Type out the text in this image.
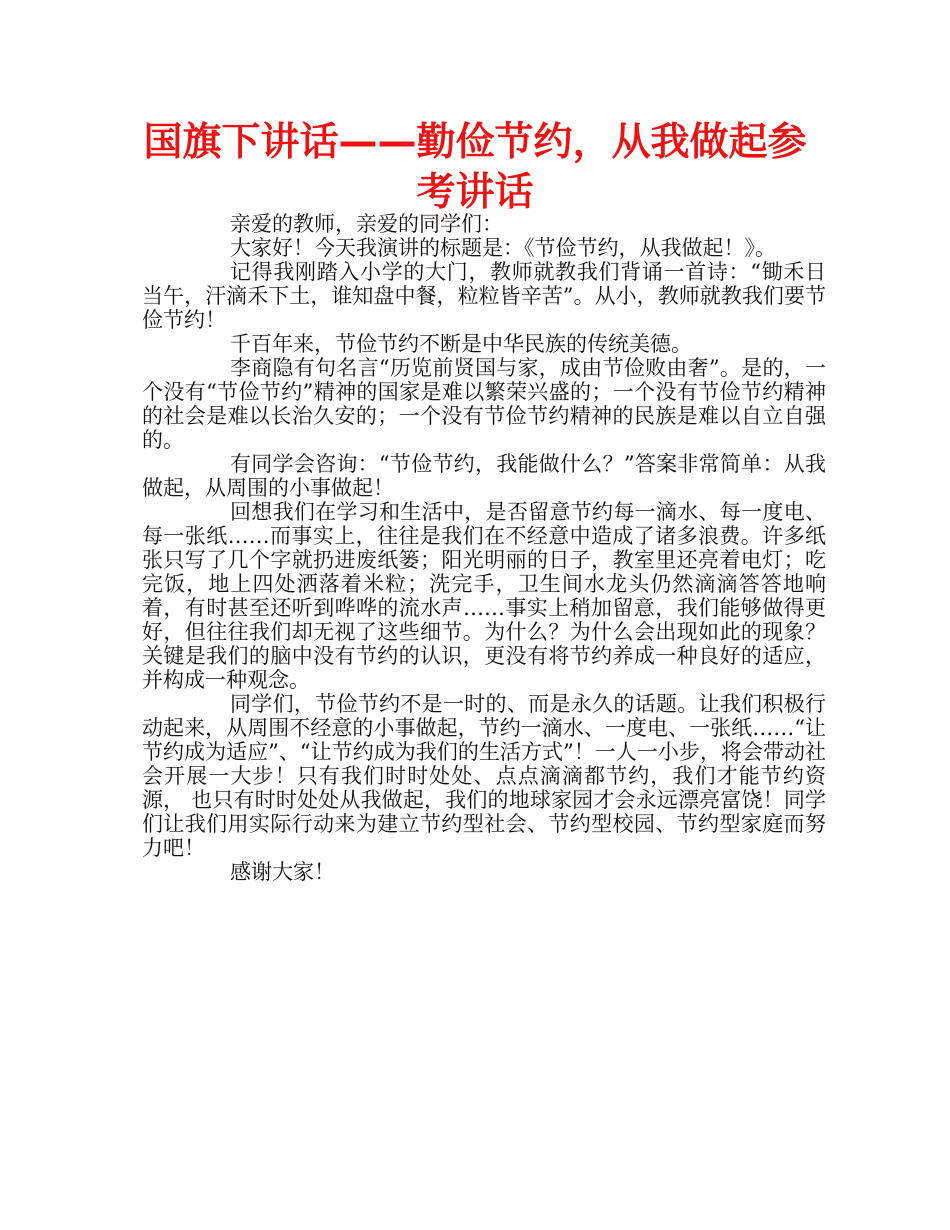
国旗下讲话——勤俭节约，从我做起参考讲话

亲爱的教师，亲爱的同学们：

大家好！今天我演讲的标题是：《节俭节约，从我做起！》。

记得我刚踏入小学的大门，教师就教我们背诵一首诗：“锄禾日当午，汗滴禾下土，谁知盘中餐，粒粒皆辛苦”。从小，教师就教我们要节俭节约！

千百年来，节俭节约不断是中华民族的传统美德。

李商隐有句名言“历览前贤国与家，成由节俭败由奢”。是的，一个没有“节俭节约”精神的国家是难以繁荣兴盛的；一个没有节俭节约精神的社会是难以长治久安的；一个没有节俭节约精神的民族是难以自立自强的。

有同学会咨询：“节俭节约，我能做什么？”答案非常简单：从我做起，从周围的小事做起！

回想我们在学习和生活中，是否留意节约每一滴水、每一度电、每一张纸……而事实上，往往是我们在不经意中造成了诸多浪费。许多纸张只写了几个字就扔进废纸篓；阳光明丽的日子，教室里还亮着电灯；吃完饭，地上四处洒落着米粒；洗完手，卫生间水龙头仍然滴滴答答地响着，有时甚至还听到哗哗的流水声……事实上稍加留意，我们能够做得更好，但往往我们却无视了这些细节。为什么？为什么会出现如此的现象？关键是我们的脑中没有节约的认识，更没有将节约养成一种良好的适应，并构成一种观念。

同学们，节俭节约不是一时的、而是永久的话题。让我们积极行动起来，从周围不经意的小事做起，节约一滴水、一度电、一张纸……“让节约成为适应”、“让节约成为我们的生活方式”！一人一小步，将会带动社会开展一大步！只有我们时时处处、点点滴滴都节约，我们才能节约资源， 也只有时时处处从我做起，我们的地球家园才会永远漂亮富饶！同学们让我们用实际行动来为建立节约型社会、节约型校园、节约型家庭而努力吧！

感谢大家！
